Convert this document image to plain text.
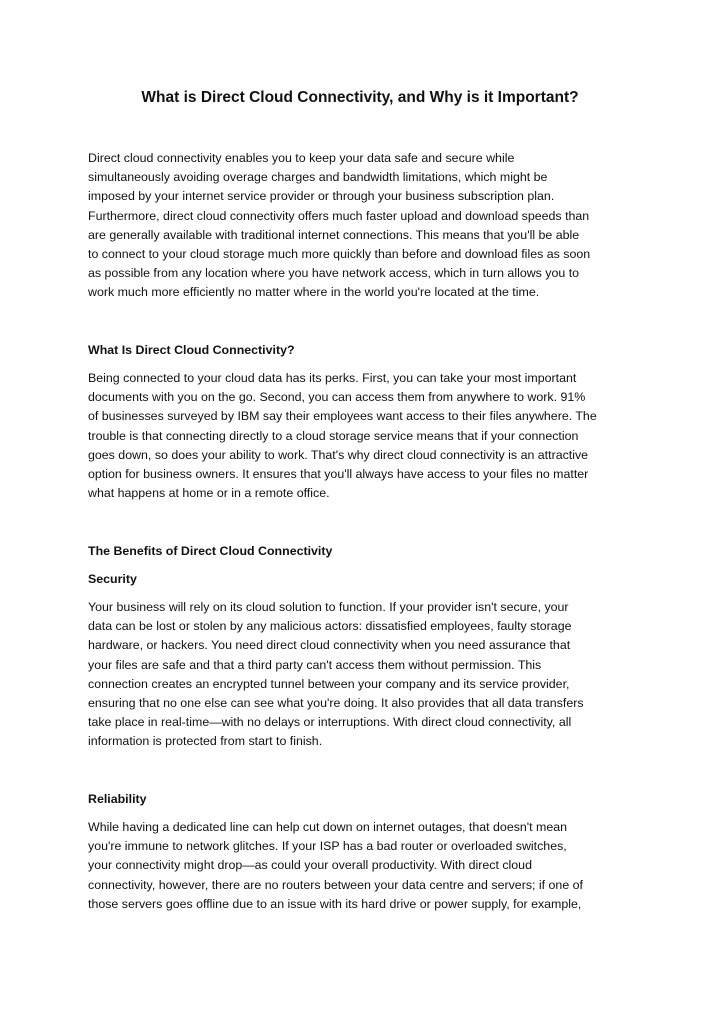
What is Direct Cloud Connectivity, and Why is it Important?
Direct cloud connectivity enables you to keep your data safe and secure while
simultaneously avoiding overage charges and bandwidth limitations, which might be
imposed by your internet service provider or through your business subscription plan.
Furthermore, direct cloud connectivity offers much faster upload and download speeds than
are generally available with traditional internet connections. This means that you'll be able
to connect to your cloud storage much more quickly than before and download files as soon
as possible from any location where you have network access, which in turn allows you to
work much more efficiently no matter where in the world you're located at the time.
What Is Direct Cloud Connectivity?
Being connected to your cloud data has its perks. First, you can take your most important
documents with you on the go. Second, you can access them from anywhere to work. 91%
of businesses surveyed by IBM say their employees want access to their files anywhere. The
trouble is that connecting directly to a cloud storage service means that if your connection
goes down, so does your ability to work. That's why direct cloud connectivity is an attractive
option for business owners. It ensures that you'll always have access to your files no matter
what happens at home or in a remote office.
The Benefits of Direct Cloud Connectivity
Security
Your business will rely on its cloud solution to function. If your provider isn't secure, your
data can be lost or stolen by any malicious actors: dissatisfied employees, faulty storage
hardware, or hackers. You need direct cloud connectivity when you need assurance that
your files are safe and that a third party can't access them without permission. This
connection creates an encrypted tunnel between your company and its service provider,
ensuring that no one else can see what you're doing. It also provides that all data transfers
take place in real-time—with no delays or interruptions. With direct cloud connectivity, all
information is protected from start to finish.
Reliability
While having a dedicated line can help cut down on internet outages, that doesn't mean
you're immune to network glitches. If your ISP has a bad router or overloaded switches,
your connectivity might drop—as could your overall productivity. With direct cloud
connectivity, however, there are no routers between your data centre and servers; if one of
those servers goes offline due to an issue with its hard drive or power supply, for example,
